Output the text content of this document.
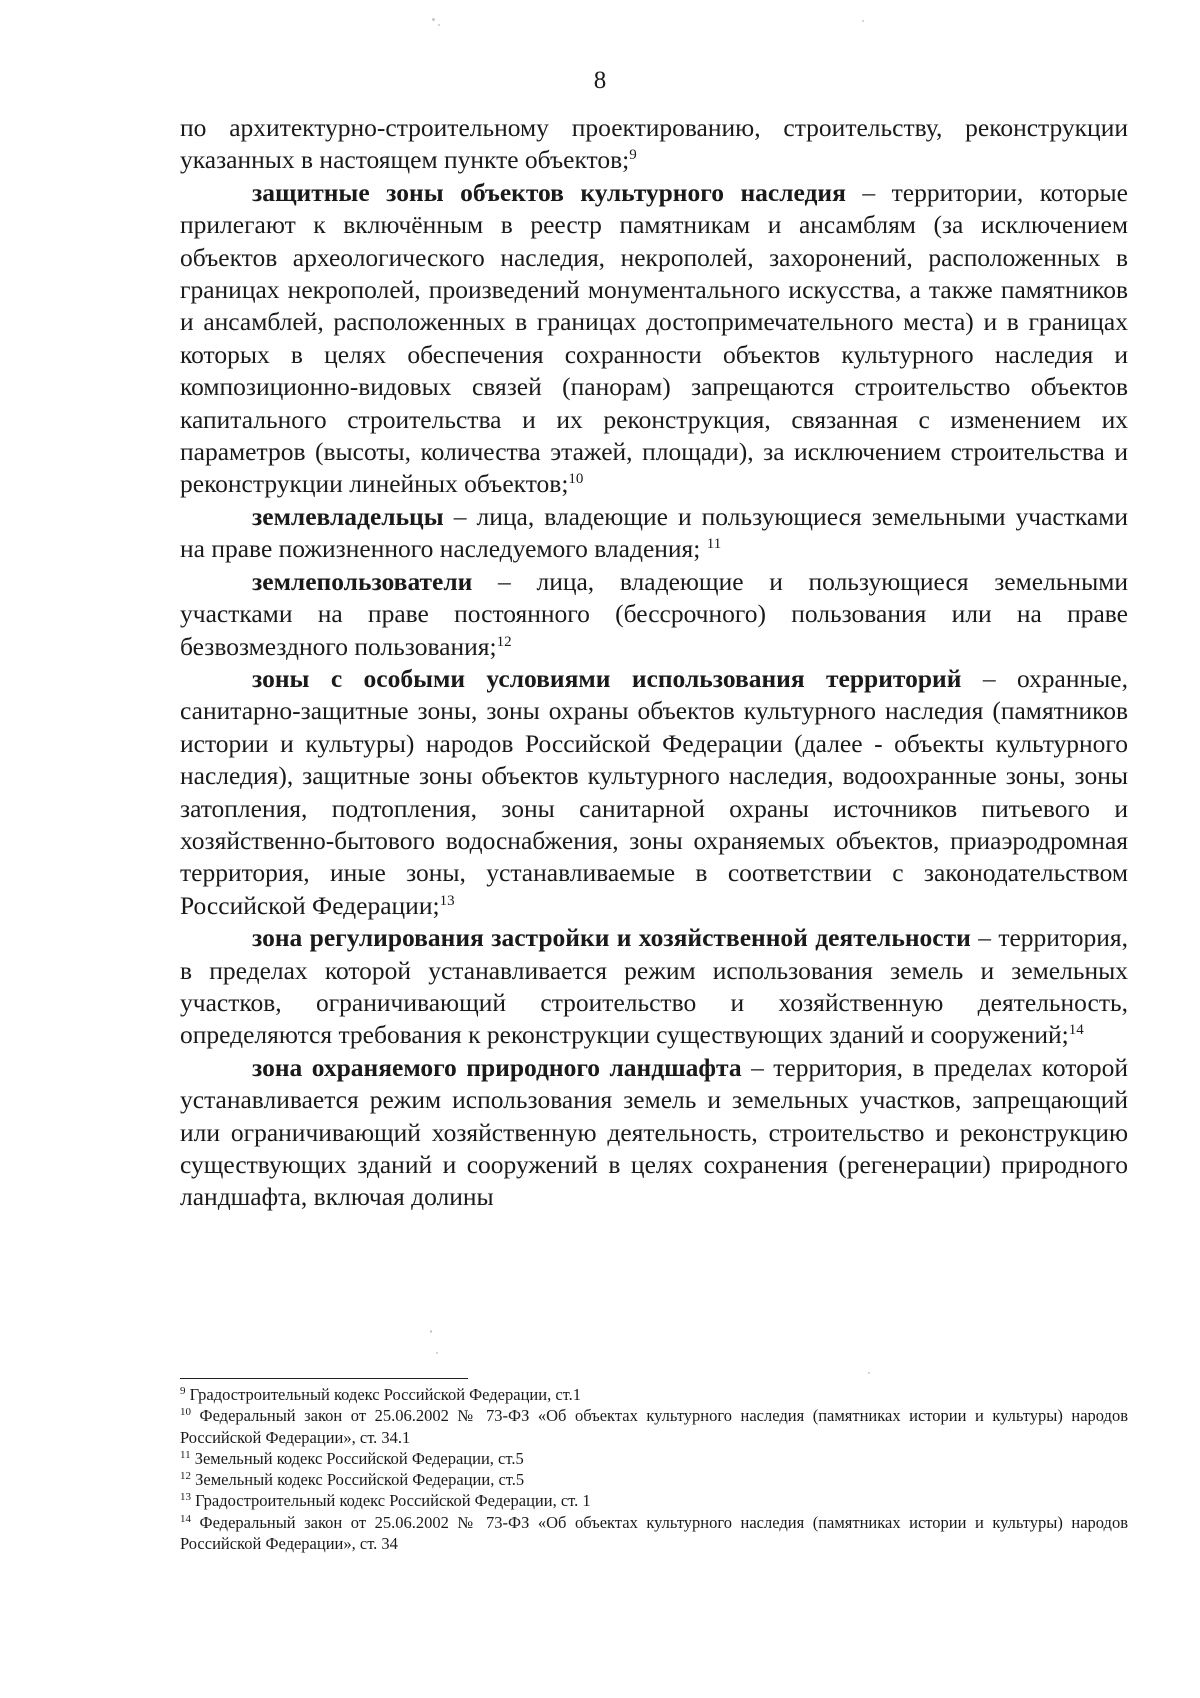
8

по архитектурно-строительному проектированию, строительству, реконструкции указанных в настоящем пункте объектов;$^9$

защитные зоны объектов культурного наследия – территории, которые прилегают к включённым в реестр памятникам и ансамблям (за исключением объектов археологического наследия, некрополей, захоронений, расположенных в границах некрополей, произведений монументального искусства, а также памятников и ансамблей, расположенных в границах достопримечательного места) и в границах которых в целях обеспечения сохранности объектов культурного наследия и композиционно-видовых связей (панорам) запрещаются строительство объектов капитального строительства и их реконструкция, связанная с изменением их параметров (высоты, количества этажей, площади), за исключением строительства и реконструкции линейных объектов;$^{10}$

землевладельцы – лица, владеющие и пользующиеся земельными участками на праве пожизненного наследуемого владения; $^{11}$

землепользователи – лица, владеющие и пользующиеся земельными участками на праве постоянного (бессрочного) пользования или на праве безвозмездного пользования;$^{12}$

зоны с особыми условиями использования территорий – охранные, санитарно-защитные зоны, зоны охраны объектов культурного наследия (памятников истории и культуры) народов Российской Федерации (далее - объекты культурного наследия), защитные зоны объектов культурного наследия, водоохранные зоны, зоны затопления, подтопления, зоны санитарной охраны источников питьевого и хозяйственно-бытового водоснабжения, зоны охраняемых объектов, приаэродромная территория, иные зоны, устанавливаемые в соответствии с законодательством Российской Федерации;$^{13}$

зона регулирования застройки и хозяйственной деятельности – территория, в пределах которой устанавливается режим использования земель и земельных участков, ограничивающий строительство и хозяйственную деятельность, определяются требования к реконструкции существующих зданий и сооружений;$^{14}$

зона охраняемого природного ландшафта – территория, в пределах которой устанавливается режим использования земель и земельных участков, запрещающий или ограничивающий хозяйственную деятельность, строительство и реконструкцию существующих зданий и сооружений в целях сохранения (регенерации) природного ландшафта, включая долины

$^9$ Градостроительный кодекс Российской Федерации, ст.1

$^{10}$ Федеральный закон от 25.06.2002 № 73-ФЗ «Об объектах культурного наследия (памятниках истории и культуры) народов Российской Федерации», ст. 34.1

$^{11}$ Земельный кодекс Российской Федерации, ст.5

$^{12}$ Земельный кодекс Российской Федерации, ст.5

$^{13}$ Градостроительный кодекс Российской Федерации, ст. 1

$^{14}$ Федеральный закон от 25.06.2002 № 73-ФЗ «Об объектах культурного наследия (памятниках истории и культуры) народов Российской Федерации», ст. 34
